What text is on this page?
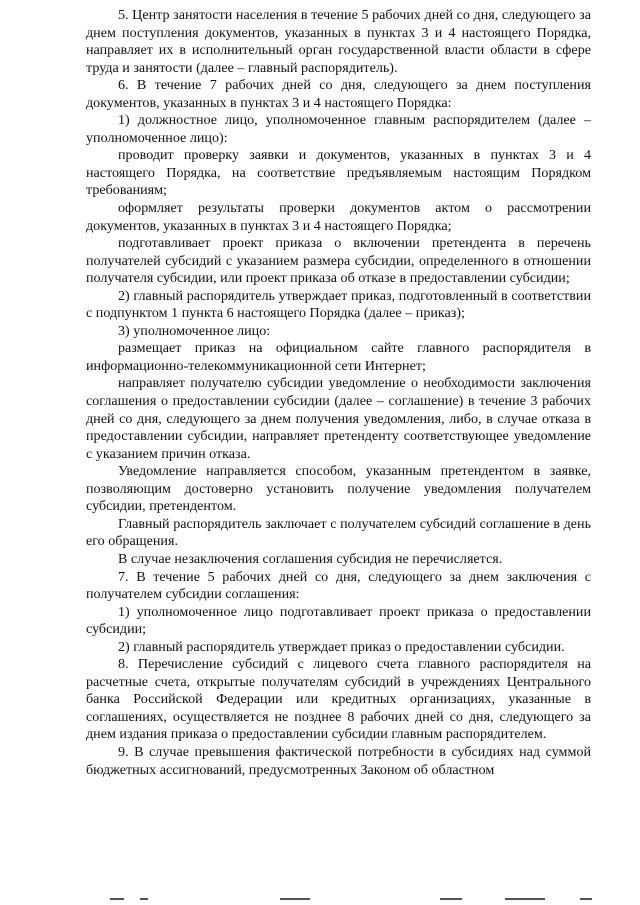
5. Центр занятости населения в течение 5 рабочих дней со дня, следующего за днем поступления документов, указанных в пунктах 3 и 4 настоящего Порядка, направляет их в исполнительный орган государственной власти области в сфере труда и занятости (далее – главный распорядитель).

6. В течение 7 рабочих дней со дня, следующего за днем поступления документов, указанных в пунктах 3 и 4 настоящего Порядка:

1) должностное лицо, уполномоченное главным распорядителем (далее – уполномоченное лицо):

проводит проверку заявки и документов, указанных в пунктах 3 и 4 настоящего Порядка, на соответствие предъявляемым настоящим Порядком требованиям;

оформляет результаты проверки документов актом о рассмотрении документов, указанных в пунктах 3 и 4 настоящего Порядка;

подготавливает проект приказа о включении претендента в перечень получателей субсидий с указанием размера субсидии, определенного в отношении получателя субсидии, или проект приказа об отказе в предоставлении субсидии;

2) главный распорядитель утверждает приказ, подготовленный в соответствии с подпунктом 1 пункта 6 настоящего Порядка (далее – приказ);

3) уполномоченное лицо:

размещает приказ на официальном сайте главного распорядителя в информационно-телекоммуникационной сети Интернет;

направляет получателю субсидии уведомление о необходимости заключения соглашения о предоставлении субсидии (далее – соглашение) в течение 3 рабочих дней со дня, следующего за днем получения уведомления, либо, в случае отказа в предоставлении субсидии, направляет претенденту соответствующее уведомление с указанием причин отказа.

Уведомление направляется способом, указанным претендентом в заявке, позволяющим достоверно установить получение уведомления получателем субсидии, претендентом.

Главный распорядитель заключает с получателем субсидий соглашение в день его обращения.

В случае незаключения соглашения субсидия не перечисляется.

7. В течение 5 рабочих дней со дня, следующего за днем заключения с получателем субсидии соглашения:

1) уполномоченное лицо подготавливает проект приказа о предоставлении субсидии;

2) главный распорядитель утверждает приказ о предоставлении субсидии.

8. Перечисление субсидий с лицевого счета главного распорядителя на расчетные счета, открытые получателям субсидий в учреждениях Центрального банка Российской Федерации или кредитных организациях, указанные в соглашениях, осуществляется не позднее 8 рабочих дней со дня, следующего за днем издания приказа о предоставлении субсидии главным распорядителем.

9. В случае превышения фактической потребности в субсидиях над суммой бюджетных ассигнований, предусмотренных Законом об областном
